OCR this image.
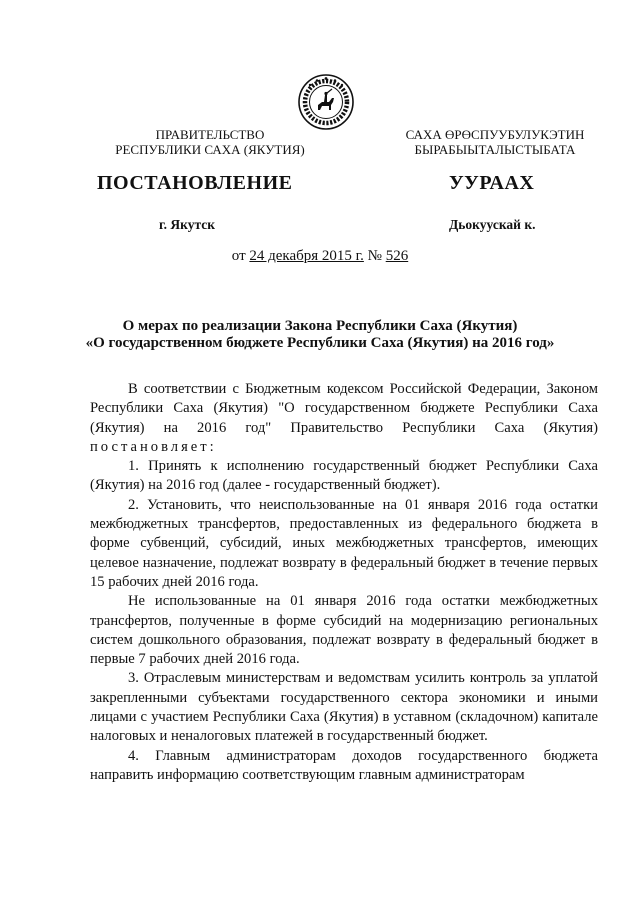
ПРАВИТЕЛЬСТВО
РЕСПУБЛИКИ САХА (ЯКУТИЯ)
САХА ӨРӨСПУУБУЛУКЭТИН
БЫРАБЫЫТАЛЫСТЫБАТА
ПОСТАНОВЛЕНИЕ	УУРААХ
г. Якутск	Дьокуускай к.
от 24 декабря 2015 г. № 526
О мерах по реализации Закона Республики Саха (Якутия)
«О государственном бюджете Республики Саха (Якутия) на 2016 год»

В соответствии с Бюджетным кодексом Российской Федерации, Законом Республики Саха (Якутия) "О государственном бюджете Республики Саха (Якутия) на 2016 год" Правительство Республики Саха (Якутия) постановляет:

1. Принять к исполнению государственный бюджет Республики Саха (Якутия) на 2016 год (далее - государственный бюджет).

2. Установить, что неиспользованные на 01 января 2016 года остатки межбюджетных трансфертов, предоставленных из федерального бюджета в форме субвенций, субсидий, иных межбюджетных трансфертов, имеющих целевое назначение, подлежат возврату в федеральный бюджет в течение первых 15 рабочих дней 2016 года.

Не использованные на 01 января 2016 года остатки межбюджетных трансфертов, полученные в форме субсидий на модернизацию региональных систем дошкольного образования, подлежат возврату в федеральный бюджет в первые 7 рабочих дней 2016 года.

3. Отраслевым министерствам и ведомствам усилить контроль за уплатой закрепленными субъектами государственного сектора экономики и иными лицами с участием Республики Саха (Якутия) в уставном (складочном) капитале налоговых и неналоговых платежей в государственный бюджет.

4. Главным администраторам доходов государственного бюджета направить информацию соответствующим главным администраторам
